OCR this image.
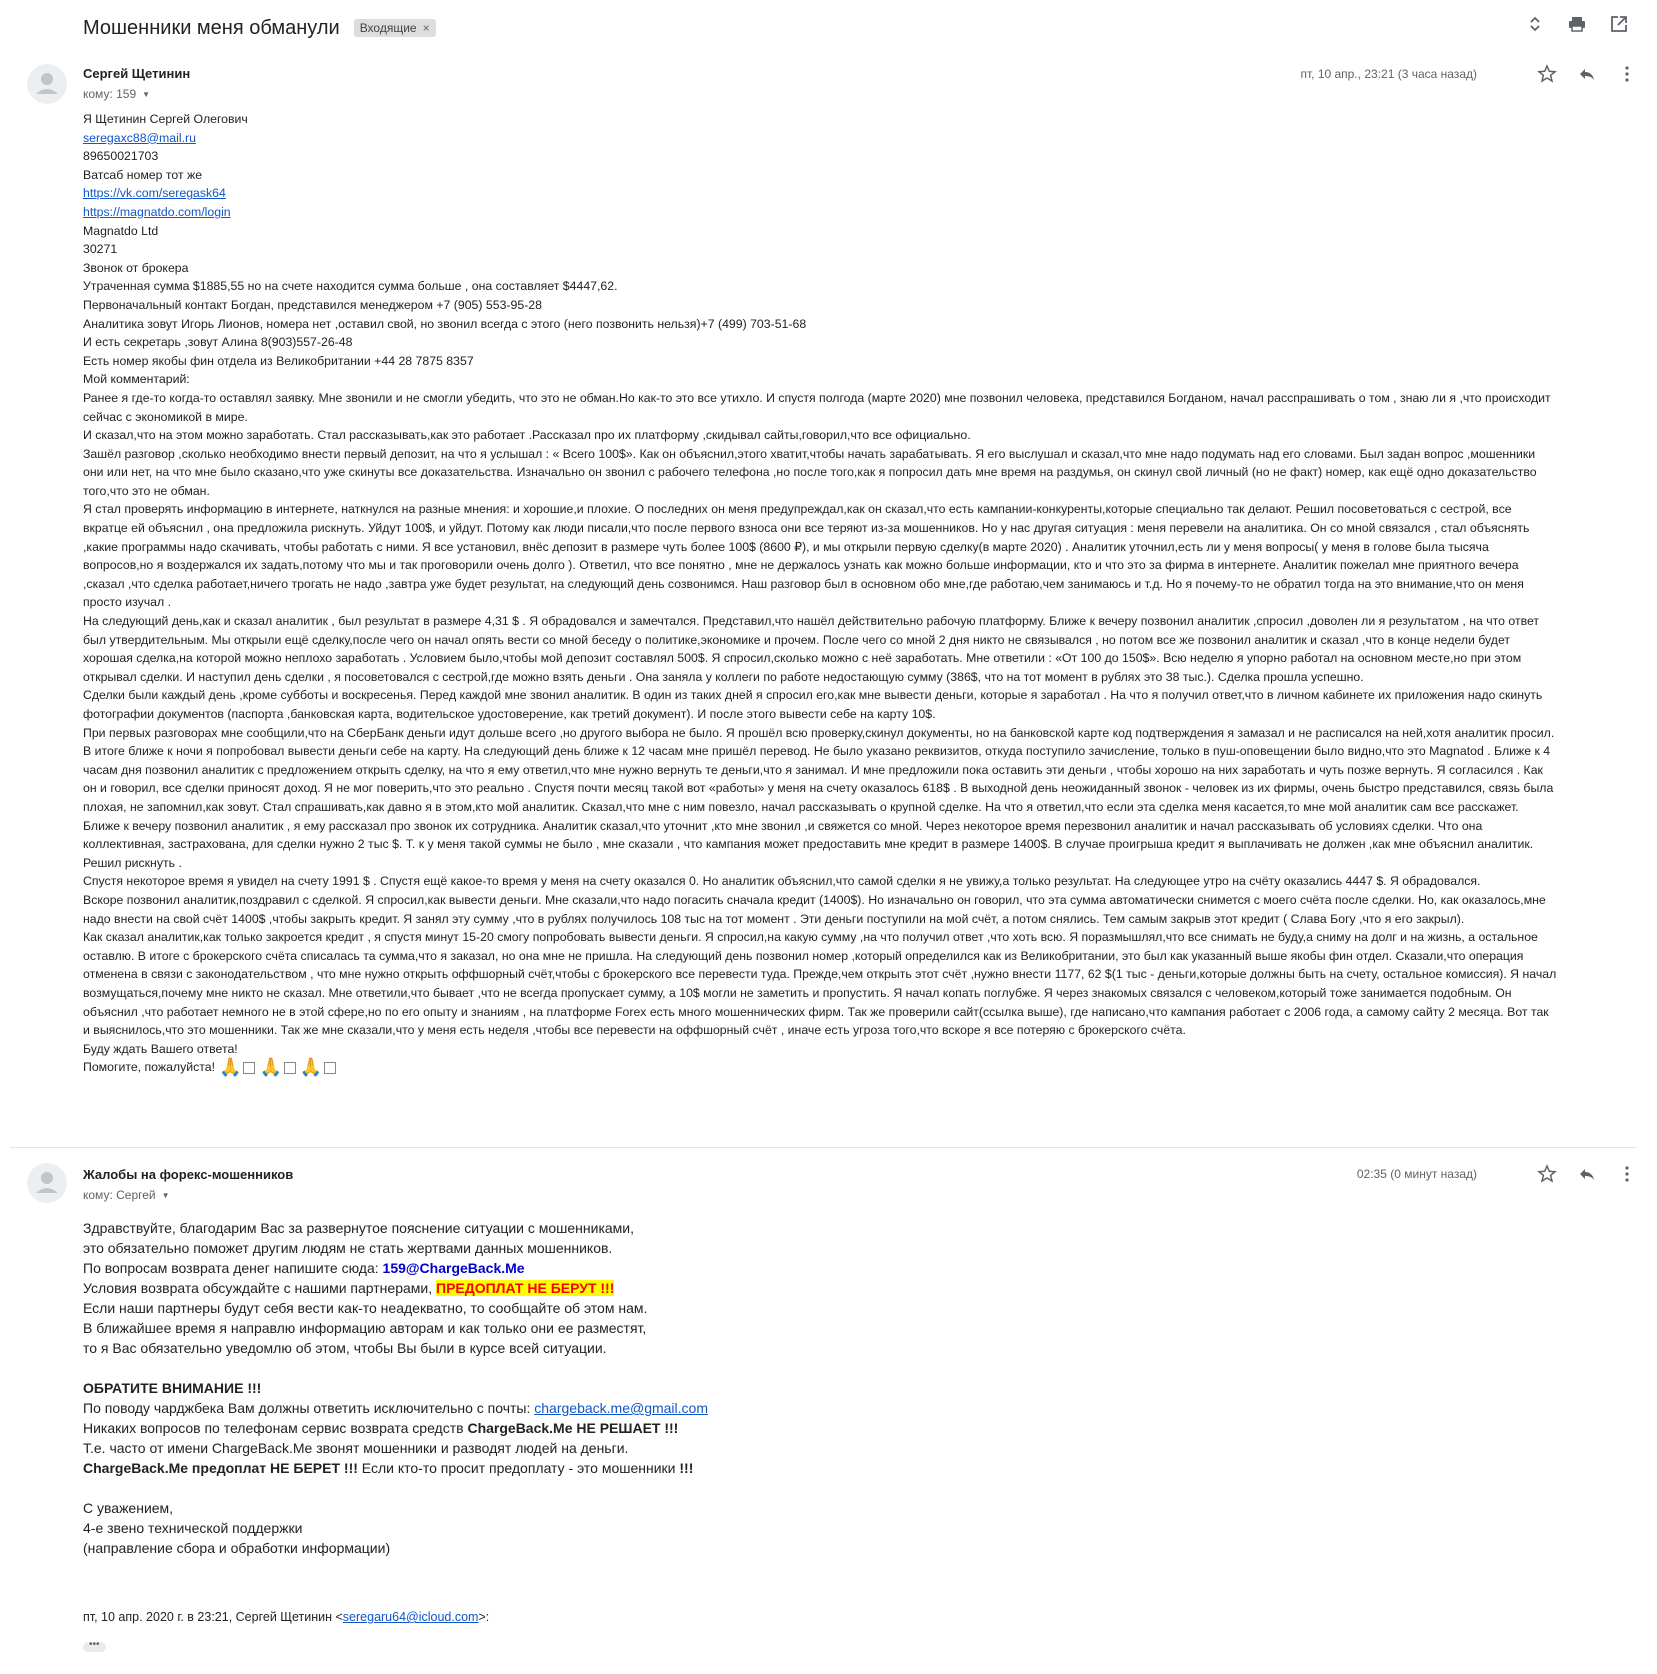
Мошенники меня обманули Входящие ×
Сергей Щетинин
кому: 159 ▼
пт, 10 апр., 23:21 (3 часа назад)
Я Щетинин Сергей Олегович
seregaxc88@mail.ru
89650021703
Ватсаб номер тот же
https://vk.com/seregask64
https://magnatdo.com/login
Magnatdo Ltd
30271
Звонок от брокера
Утраченная сумма $1885,55 но на счете находится сумма больше , она составляет $4447,62.
Первоначальный контакт Богдан, представился менеджером +7 (905) 553-95-28
Аналитика зовут Игорь Лионов, номера нет ,оставил свой, но звонил всегда с этого (него позвонить нельзя)+7 (499) 703-51-68
И есть секретарь ,зовут Алина 8(903)557-26-48
Есть номер якобы фин отдела из Великобритании +44 28 7875 8357
Мой комментарий:
Ранее я где-то когда-то оставлял заявку. Мне звонили и не смогли убедить, что это не обман.Но как-то это все утихло. И спустя полгода (марте 2020) мне позвонил человека, представился Богданом, начал расспрашивать о том , знаю ли я ,что происходит
сейчас с экономикой в мире.
И сказал,что на этом можно заработать. Стал рассказывать,как это работает .Рассказал про их платформу ,скидывал сайты,говорил,что все официально.
Зашёл разговор ,сколько необходимо внести первый депозит, на что я услышал : « Всего 100$». Как он объяснил,этого хватит,чтобы начать зарабатывать. Я его выслушал и сказал,что мне надо подумать над его словами. Был задан вопрос ,мошенники
они или нет, на что мне было сказано,что уже скинуты все доказательства. Изначально он звонил с рабочего телефона ,но после того,как я попросил дать мне время на раздумья, он скинул свой личный (но не факт) номер, как ещё одно доказательство
того,что это не обман.
Я стал проверять информацию в интернете, наткнулся на разные мнения: и хорошие,и плохие. О последних он меня предупреждал,как он сказал,что есть кампании-конкуренты,которые специально так делают. Решил посоветоваться с сестрой, все
вкратце ей объяснил , она предложила рискнуть. Уйдут 100$, и уйдут. Потому как люди писали,что после первого взноса они все теряют из-за мошенников. Но у нас другая ситуация : меня перевели на аналитика. Он со мной связался , стал объяснять
,какие программы надо скачивать, чтобы работать с ними. Я все установил, внёс депозит в размере чуть более 100$ (8600 ₽), и мы открыли первую сделку(в марте 2020) . Аналитик уточнил,есть ли у меня вопросы( у меня в голове была тысяча
вопросов,но я воздержался их задать,потому что мы и так проговорили очень долго ). Ответил, что все понятно , мне не держалось узнать как можно больше информации, кто и что это за фирма в интернете. Аналитик пожелал мне приятного вечера
,сказал ,что сделка работает,ничего трогать не надо ,завтра уже будет результат, на следующий день созвонимся. Наш разговор был в основном обо мне,где работаю,чем занимаюсь и т.д. Но я почему-то не обратил тогда на это внимание,что он меня
просто изучал .
На следующий день,как и сказал аналитик , был результат в размере 4,31 $ . Я обрадовался и замечтался. Представил,что нашёл действительно рабочую платформу. Ближе к вечеру позвонил аналитик ,спросил ,доволен ли я результатом , на что ответ
был утвердительным. Мы открыли ещё сделку,после чего он начал опять вести со мной беседу о политике,экономике и прочем. После чего со мной 2 дня никто не связывался , но потом все же позвонил аналитик и сказал ,что в конце недели будет
хорошая сделка,на которой можно неплохо заработать . Условием было,чтобы мой депозит составлял 500$. Я спросил,сколько можно с неё заработать. Мне ответили : «От 100 до 150$». Всю неделю я упорно работал на основном месте,но при этом
открывал сделки. И наступил день сделки , я посоветовался с сестрой,где можно взять деньги . Она заняла у коллеги по работе недостающую сумму (386$, что на тот момент в рублях это 38 тыс.). Сделка прошла успешно.
Сделки были каждый день ,кроме субботы и воскресенья. Перед каждой мне звонил аналитик. В один из таких дней я спросил его,как мне вывести деньги, которые я заработал . На что я получил ответ,что в личном кабинете их приложения надо скинуть
фотографии документов (паспорта ,банковская карта, водительское удостоверение, как третий документ). И после этого вывести себе на карту 10$.
При первых разговорах мне сообщили,что на СберБанк деньги идут дольше всего ,но другого выбора не было. Я прошёл всю проверку,скинул документы, но на банковской карте код подтверждения я замазал и не расписался на ней,хотя аналитик просил.
В итоге ближе к ночи я попробовал вывести деньги себе на карту. На следующий день ближе к 12 часам мне пришёл перевод. Не было указано реквизитов, откуда поступило зачисление, только в пуш-оповещении было видно,что это Magnatod . Ближе к 4
часам дня позвонил аналитик с предложением открыть сделку, на что я ему ответил,что мне нужно вернуть те деньги,что я занимал. И мне предложили пока оставить эти деньги , чтобы хорошо на них заработать и чуть позже вернуть. Я согласился . Как
он и говорил, все сделки приносят доход. Я не мог поверить,что это реально . Спустя почти месяц такой вот «работы» у меня на счету оказалось 618$ . В выходной день неожиданный звонок - человек из их фирмы, очень быстро представился, связь была
плохая, не запомнил,как зовут. Стал спрашивать,как давно я в этом,кто мой аналитик. Сказал,что мне с ним повезло, начал рассказывать о крупной сделке. На что я ответил,что если эта сделка меня касается,то мне мой аналитик сам все расскажет.
Ближе к вечеру позвонил аналитик , я ему рассказал про звонок их сотрудника. Аналитик сказал,что уточнит ,кто мне звонил ,и свяжется со мной. Через некоторое время перезвонил аналитик и начал рассказывать об условиях сделки. Что она
коллективная, застрахована, для сделки нужно 2 тыс $. Т. к у меня такой суммы не было , мне сказали , что кампания может предоставить мне кредит в размере 1400$. В случае проигрыша кредит я выплачивать не должен ,как мне объяснил аналитик.
Решил рискнуть .
Спустя некоторое время я увидел на счету 1991 $ . Спустя ещё какое-то время у меня на счету оказался 0. Но аналитик объяснил,что самой сделки я не увижу,а только результат. На следующее утро на счёту оказались 4447 $. Я обрадовался.
Вскоре позвонил аналитик,поздравил с сделкой. Я спросил,как вывести деньги. Мне сказали,что надо погасить сначала кредит (1400$). Но изначально он говорил, что эта сумма автоматически снимется с моего счёта после сделки. Но, как оказалось,мне
надо внести на свой счёт 1400$ ,чтобы закрыть кредит. Я занял эту сумму ,что в рублях получилось 108 тыс на тот момент . Эти деньги поступили на мой счёт, а потом снялись. Тем самым закрыв этот кредит ( Слава Богу ,что я его закрыл).
Как сказал аналитик,как только закроется кредит , я спустя минут 15-20 смогу попробовать вывести деньги. Я спросил,на какую сумму ,на что получил ответ ,что хоть всю. Я поразмышлял,что все снимать не буду,а сниму на долг и на жизнь, а остальное
оставлю. В итоге с брокерского счёта списалась та сумма,что я заказал, но она мне не пришла. На следующий день позвонил номер ,который определился как из Великобритании, это был как указанный выше якобы фин отдел. Сказали,что операция
отменена в связи с законодательством , что мне нужно открыть оффшорный счёт,чтобы с брокерского все перевести туда. Прежде,чем открыть этот счёт ,нужно внести 1177, 62 $(1 тыс - деньги,которые должны быть на счету, остальное комиссия). Я начал
возмущаться,почему мне никто не сказал. Мне ответили,что бывает ,что не всегда пропускает сумму, а 10$ могли не заметить и пропустить. Я начал копать поглубже. Я через знакомых связался с человеком,который тоже занимается подобным. Он
объяснил ,что работает немного не в этой сфере,но по его опыту и знаниям , на платформе Forex есть много мошеннических фирм. Так же проверили сайт(ссылка выше), где написано,что кампания работает с 2006 года, а самому сайту 2 месяца. Вот так
и выяснилось,что это мошенники. Так же мне сказали,что у меня есть неделя ,чтобы все перевести на оффшорный счёт , иначе есть угроза того,что вскоре я все потеряю с брокерского счёта.
Буду ждать Вашего ответа!
Помогите, пожалуйста! 🙏 🙏 🙏
Жалобы на форекс-мошенников
кому: Сергей ▼
02:35 (0 минут назад)
Здравствуйте, благодарим Вас за развернутое пояснение ситуации с мошенниками,
это обязательно поможет другим людям не стать жертвами данных мошенников.
По вопросам возврата денег напишите сюда: 159@ChargeBack.Me
Условия возврата обсуждайте с нашими партнерами, ПРЕДОПЛАТ НЕ БЕРУТ !!!
Если наши партнеры будут себя вести как-то неадекватно, то сообщайте об этом нам.
В ближайшее время я направлю информацию авторам и как только они ее разместят,
то я Вас обязательно уведомлю об этом, чтобы Вы были в курсе всей ситуации.

ОБРАТИТЕ ВНИМАНИЕ !!!
По поводу чарджбека Вам должны ответить исключительно с почты: chargeback.me@gmail.com
Никаких вопросов по телефонам сервис возврата средств ChargeBack.Me НЕ РЕШАЕТ !!!
Т.е. часто от имени ChargeBack.Me звонят мошенники и разводят людей на деньги.
ChargeBack.Me предоплат НЕ БЕРЕТ !!! Если кто-то просит предоплату - это мошенники !!!

С уважением,
4-е звено технической поддержки
(направление сбора и обработки информации)
пт, 10 апр. 2020 г. в 23:21, Сергей Щетинин <seregaru64@icloud.com>:
•••
